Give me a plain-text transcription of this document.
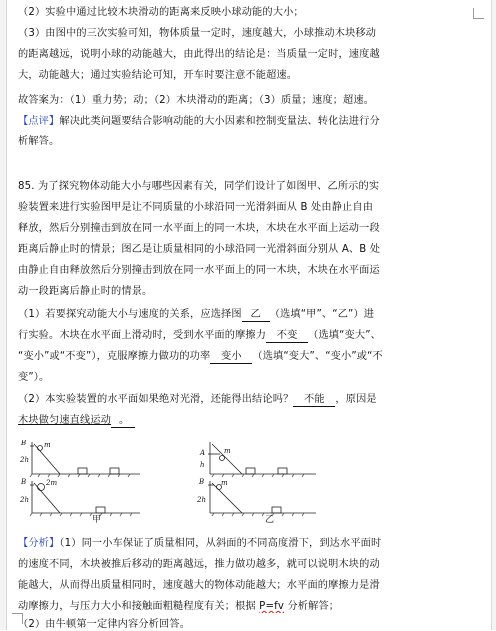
（2）实验中通过比较木块滑动的距离来反映小球动能的大小；
（3）由图中的三次实验可知，物体质量一定时，速度越大，小球推动木块移动
的距离越远，说明小球的动能越大，由此得出的结论是：当质量一定时，速度越
大，动能越大；通过实验结论可知，开车时要注意不能超速。
故答案为：（1）重力势；动；（2）木块滑动的距离；（3）质量；速度；超速。
【点评】解决此类问题要结合影响动能的大小因素和控制变量法、转化法进行分
析解答。
85. 为了探究物体动能大小与哪些因素有关，同学们设计了如图甲、乙所示的实
验装置来进行实验图甲是让不同质量的小球沿同一光滑斜面从 B 处由静止自由
释放，然后分别撞击到放在同一水平面上的同一木块，木块在水平面上运动一段
距离后静止时的情景；图乙是让质量相同的小球沿同一光滑斜面分别从 A、B 处
由静止自由释放然后分别撞击到放在同一水平面上的同一木块，木块在水平面运
动一段距离后静止时的情景。
（1）若要探究动能大小与速度的关系，应选择图 乙 （选填“甲”、“乙”）进
行实验。木块在水平面上滑动时，受到水平面的摩擦力 不变 （选填“变大”、
“变小”或“不变”），克服摩擦力做功的功率 变小 （选填“变大”、“变小”或“不
变”）。
（2）本实验装置的水平面如果绝对光滑，还能得出结论吗？ 不能 ，原因是
木块做匀速直线运动 。
B
2h
m
B
2h
2m
A	m
h
B m
2h
甲	乙
【分析】（1）同一小车保证了质量相同，从斜面的不同高度滑下，到达水平面时
的速度不同，木块被推后移动的距离越远，推力做功越多，就可以说明木块的动
能越大，从而得出质量相同时，速度越大的物体动能越大；水平面的摩擦力是滑
动摩擦力，与压力大小和接触面粗糙程度有关；根据 P=fv 分析解答；
（2）由牛顿第一定律内容分析回答。
